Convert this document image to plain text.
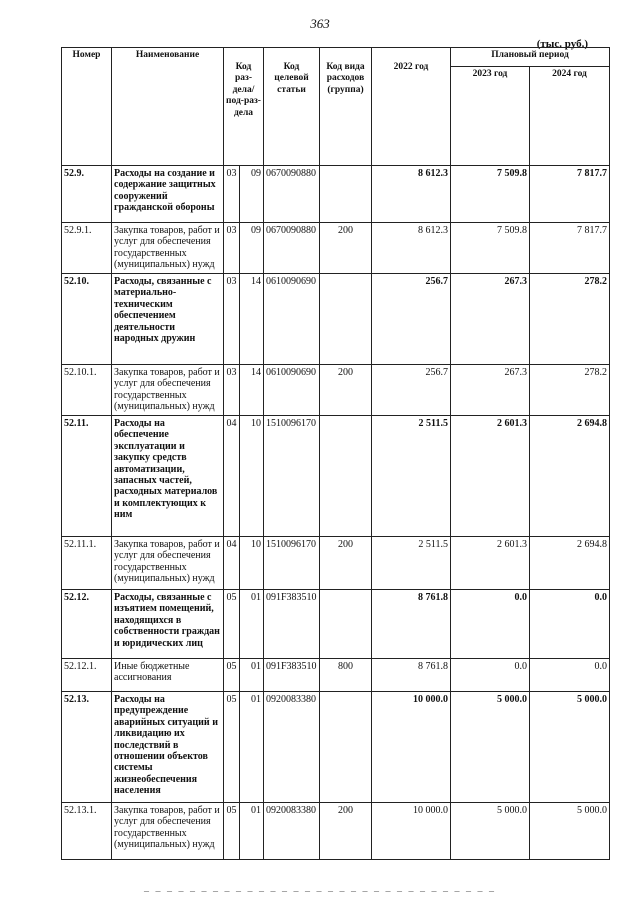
363
(тыс. руб.)
Номер	Наименование	Код раз-дела/ под-раз-дела		Код целевой статьи	Код вида расходов (группа)	2022 год	Плановый период	
							2023 год	2024 год
52.9.	Расходы на создание и содержание защитных сооружений гражданской обороны	03	09	0670090880		8 612.3	7 509.8	7 817.7
52.9.1.	Закупка товаров, работ и услуг для обеспечения государственных (муниципальных) нужд	03	09	0670090880	200	8 612.3	7 509.8	7 817.7
52.10.	Расходы, связанные с материально-техническим обеспечением деятельности народных дружин	03	14	0610090690		256.7	267.3	278.2
52.10.1.	Закупка товаров, работ и услуг для обеспечения государственных (муниципальных) нужд	03	14	0610090690	200	256.7	267.3	278.2
52.11.	Расходы на обеспечение эксплуатации и закупку средств автоматизации, запасных частей, расходных материалов и комплектующих к ним	04	10	1510096170		2 511.5	2 601.3	2 694.8
52.11.1.	Закупка товаров, работ и услуг для обеспечения государственных (муниципальных) нужд	04	10	1510096170	200	2 511.5	2 601.3	2 694.8
52.12.	Расходы, связанные с изъятием помещений, находящихся в собственности граждан и юридических лиц	05	01	091F383510		8 761.8	0.0	0.0
52.12.1.	Иные бюджетные ассигнования	05	01	091F383510	800	8 761.8	0.0	0.0
52.13.	Расходы на предупреждение аварийных ситуаций и ликвидацию их последствий в отношении объектов системы жизнеобеспечения населения	05	01	0920083380		10 000.0	5 000.0	5 000.0
52.13.1.	Закупка товаров, работ и услуг для обеспечения государственных (муниципальных) нужд	05	01	0920083380	200	10 000.0	5 000.0	5 000.0
– – – – – – – – – – – – – – – – – – – – – – – – – – – – – – –
